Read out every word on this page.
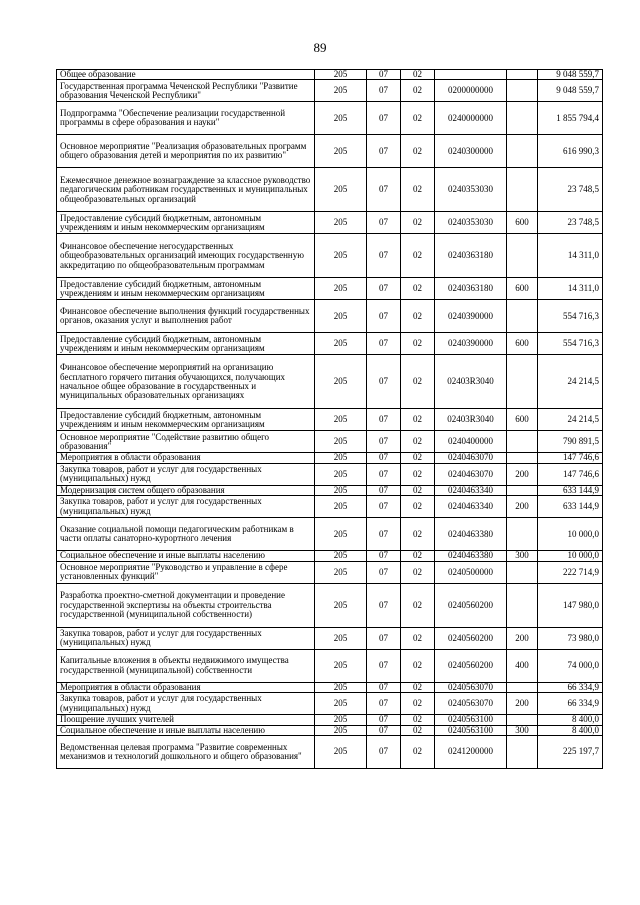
89
Общее образование	205	07	02			9 048 559,7
Государственная программа Чеченской Республики "Развитие образования Чеченской Республики"	205	07	02	0200000000		9 048 559,7
Подпрограмма "Обеспечение реализации государственной программы в сфере образования и науки"	205	07	02	0240000000		1 855 794,4
Основное мероприятие "Реализация образовательных программ общего образования детей и мероприятия по их развитию"	205	07	02	0240300000		616 990,3
Ежемесячное денежное вознаграждение за классное руководство педагогическим работникам государственных и муниципальных общеобразовательных организаций	205	07	02	0240353030		23 748,5
Предоставление субсидий бюджетным, автономным учреждениям и иным некоммерческим организациям	205	07	02	0240353030	600	23 748,5
Финансовое обеспечение негосударственных общеобразовательных организаций имеющих государственную аккредитацию по общеобразовательным программам	205	07	02	0240363180		14 311,0
Предоставление субсидий бюджетным, автономным учреждениям и иным некоммерческим организациям	205	07	02	0240363180	600	14 311,0
Финансовое обеспечение выполнения функций государственных органов, оказания услуг и выполнения работ	205	07	02	0240390000		554 716,3
Предоставление субсидий бюджетным, автономным учреждениям и иным некоммерческим организациям	205	07	02	0240390000	600	554 716,3
Финансовое обеспечение мероприятий на организацию бесплатного горячего питания обучающихся, получающих начальное общее образование в государственных и муниципальных образовательных организациях	205	07	02	02403R3040		24 214,5
Предоставление субсидий бюджетным, автономным учреждениям и иным некоммерческим организациям	205	07	02	02403R3040	600	24 214,5
Основное мероприятие "Содействие развитию общего образования"	205	07	02	0240400000		790 891,5
Мероприятия в области образования	205	07	02	0240463070		147 746,6
Закупка товаров, работ и услуг для государственных (муниципальных) нужд	205	07	02	0240463070	200	147 746,6
Модернизация систем общего образования	205	07	02	0240463340		633 144,9
Закупка товаров, работ и услуг для государственных (муниципальных) нужд	205	07	02	0240463340	200	633 144,9
Оказание социальной помощи педагогическим работникам в части оплаты санаторно-курортного лечения	205	07	02	0240463380		10 000,0
Социальное обеспечение и иные выплаты населению	205	07	02	0240463380	300	10 000,0
Основное мероприятие "Руководство и управление в сфере установленных функций"	205	07	02	0240500000		222 714,9
Разработка проектно-сметной документации и проведение государственной экспертизы на объекты строительства государственной (муниципальной собственности)	205	07	02	0240560200		147 980,0
Закупка товаров, работ и услуг для государственных (муниципальных) нужд	205	07	02	0240560200	200	73 980,0
Капитальные вложения в объекты недвижимого имущества государственной (муниципальной) собственности	205	07	02	0240560200	400	74 000,0
Мероприятия в области образования	205	07	02	0240563070		66 334,9
Закупка товаров, работ и услуг для государственных (муниципальных) нужд	205	07	02	0240563070	200	66 334,9
Поощрение лучших учителей	205	07	02	0240563100		8 400,0
Социальное обеспечение и иные выплаты населению	205	07	02	0240563100	300	8 400,0
Ведомственная целевая программа "Развитие современных механизмов и технологий дошкольного и общего образования"	205	07	02	0241200000		225 197,7
